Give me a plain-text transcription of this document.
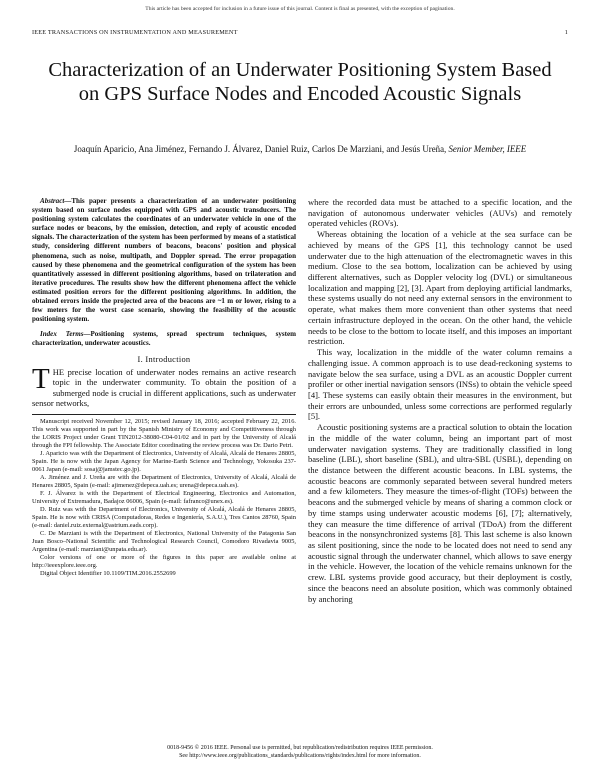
This article has been accepted for inclusion in a future issue of this journal. Content is final as presented, with the exception of pagination.
IEEE TRANSACTIONS ON INSTRUMENTATION AND MEASUREMENT	1
Characterization of an Underwater Positioning System Based on GPS Surface Nodes and Encoded Acoustic Signals
Joaquín Aparicio, Ana Jiménez, Fernando J. Álvarez, Daniel Ruiz, Carlos De Marziani, and Jesús Ureña, Senior Member, IEEE

Abstract—This paper presents a characterization of an underwater positioning system based on surface nodes equipped with GPS and acoustic transducers. The positioning system calculates the coordinates of an underwater vehicle in one of the surface nodes or beacons, by the emission, detection, and reply of acoustic encoded signals. The characterization of the system has been performed by means of a statistical study, considering different numbers of beacons, beacons' position and physical phenomena, such as noise, multipath, and Doppler spread. The error propagation caused by these phenomena and the geometrical configuration of the system has been quantitatively assessed in different positioning algorithms, based on trilateration and iterative procedures. The results show how the different phenomena affect the vehicle estimated position errors for the different positioning algorithms. In addition, the obtained errors inside the projected area of the beacons are ~1 m or lower, rising to a few meters for the worst case scenario, showing the feasibility of the acoustic positioning system.

Index Terms—Positioning systems, spread spectrum techniques, system characterization, underwater acoustics.

I. Introduction

THE precise location of underwater nodes remains an active research topic in the underwater community. To obtain the position of a submerged node is crucial in different applications, such as underwater sensor networks,

Manuscript received November 12, 2015; revised January 18, 2016; accepted February 22, 2016. This work was supported in part by the Spanish Ministry of Economy and Competitiveness through the LORIS Project under Grant TIN2012-38080-C04-01/02 and in part by the University of Alcalá through the FPI fellowship. The Associate Editor coordinating the review process was Dr. Dario Petri.

J. Aparicio was with the Department of Electronics, University of Alcalá, Alcalá de Henares 28805, Spain. He is now with the Japan Agency for Marine-Earth Science and Technology, Yokosuka 237-0061 Japan (e-mail: sosaj@jamstec.go.jp).

A. Jiménez and J. Ureña are with the Department of Electronics, University of Alcalá, Alcalá de Henares 28805, Spain (e-mail: ajimenez@depeca.uah.es; urena@depeca.uah.es).

F. J. Álvarez is with the Department of Electrical Engineering, Electronics and Automation, University of Extremadura, Badajoz 06006, Spain (e-mail: fafranco@unex.es).

D. Ruiz was with the Department of Electronics, University of Alcalá, Alcalá de Henares 28805, Spain. He is now with CRISA (Computadoras, Redes e Ingeniería, S.A.U.), Tres Cantos 28760, Spain (e-mail: daniel.ruiz.external@astrium.eads.corp).

C. De Marziani is with the Department of Electronics, National University of the Patagonia San Juan Bosco–National Scientific and Technological Research Council, Comodoro Rivadavia 9005, Argentina (e-mail: marziani@unpata.edu.ar).

Color versions of one or more of the figures in this paper are available online at http://ieeexplore.ieee.org.

Digital Object Identifier 10.1109/TIM.2016.2552699

where the recorded data must be attached to a specific location, and the navigation of autonomous underwater vehicles (AUVs) and remotely operated vehicles (ROVs).

Whereas obtaining the location of a vehicle at the sea surface can be achieved by means of the GPS [1], this technology cannot be used underwater due to the high attenuation of the electromagnetic waves in this medium. Close to the sea bottom, localization can be achieved by using different alternatives, such as Doppler velocity log (DVL) or simultaneous localization and mapping [2], [3]. Apart from deploying artificial landmarks, these systems usually do not need any external sensors in the environment to operate, what makes them more convenient than other systems that need certain infrastructure deployed in the ocean. On the other hand, the vehicle needs to be close to the bottom to locate itself, and this imposes an important restriction.

This way, localization in the middle of the water column remains a challenging issue. A common approach is to use dead-reckoning systems to navigate below the sea surface, using a DVL as an acoustic Doppler current profiler or other inertial navigation sensors (INSs) to obtain the vehicle speed [4]. These systems can easily obtain their measures in the environment, but their errors are unbounded, unless some corrections are performed regularly [5].

Acoustic positioning systems are a practical solution to obtain the location in the middle of the water column, being an important part of most underwater navigation systems. They are traditionally classified in long baseline (LBL), short baseline (SBL), and ultra-SBL (USBL), depending on the distance between the different acoustic beacons. In LBL systems, the acoustic beacons are commonly separated between several hundred meters and a few kilometers. They measure the times-of-flight (TOFs) between the beacons and the submerged vehicle by means of sharing a common clock or by time stamps using underwater acoustic modems [6], [7]; alternatively, they can measure the time difference of arrival (TDoA) from the different beacons in the nonsynchronized systems [8]. This last scheme is also known as silent positioning, since the node to be located does not need to send any acoustic signal through the underwater channel, which allows to save energy in the vehicle. However, the location of the vehicle remains unknown for the crew. LBL systems provide good accuracy, but their deployment is costly, since the beacons need an absolute position, which was commonly obtained by anchoring

0018-9456 © 2016 IEEE. Personal use is permitted, but republication/redistribution requires IEEE permission.
See http://www.ieee.org/publications_standards/publications/rights/index.html for more information.
